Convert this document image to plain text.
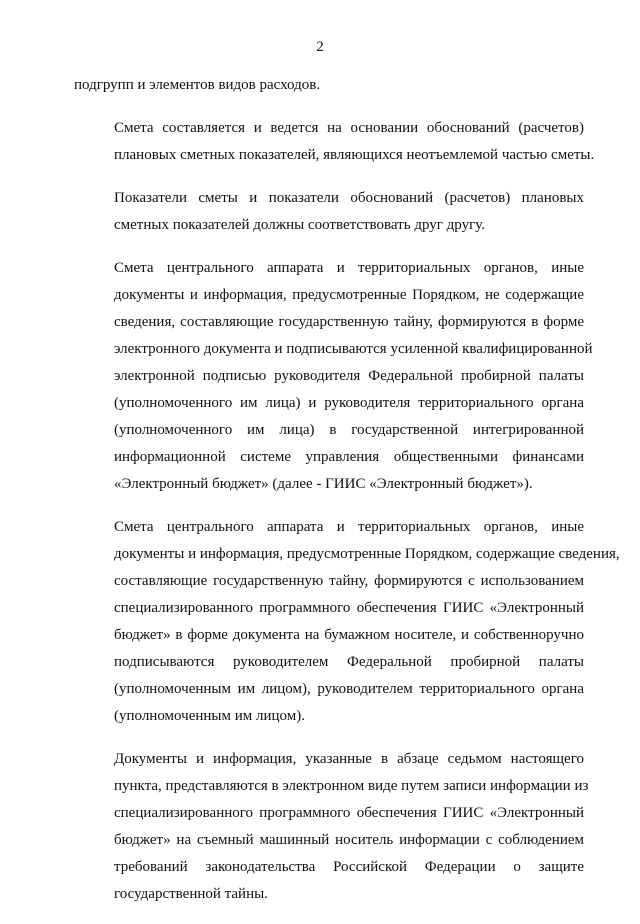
2

подгрупп и элементов видов расходов.

Смета составляется и ведется на основании обоснований (расчетов)
плановых сметных показателей, являющихся неотъемлемой частью сметы.

Показатели сметы и показатели обоснований (расчетов) плановых
сметных показателей должны соответствовать друг другу.

Смета центрального аппарата и территориальных органов, иные
документы и информация, предусмотренные Порядком, не содержащие
сведения, составляющие государственную тайну, формируются в форме
электронного документа и подписываются усиленной квалифицированной
электронной подписью руководителя Федеральной пробирной палаты
(уполномоченного им лица) и руководителя территориального органа
(уполномоченного им лица) в государственной интегрированной
информационной системе управления общественными финансами
«Электронный бюджет» (далее - ГИИС «Электронный бюджет»).

Смета центрального аппарата и территориальных органов, иные
документы и информация, предусмотренные Порядком, содержащие сведения,
составляющие государственную тайну, формируются с использованием
специализированного программного обеспечения ГИИС «Электронный
бюджет» в форме документа на бумажном носителе, и собственноручно
подписываются руководителем Федеральной пробирной палаты
(уполномоченным им лицом), руководителем территориального органа
(уполномоченным им лицом).

Документы и информация, указанные в абзаце седьмом настоящего
пункта, представляются в электронном виде путем записи информации из
специализированного программного обеспечения ГИИС «Электронный
бюджет» на съемный машинный носитель информации с соблюдением
требований законодательства Российской Федерации о защите
государственной тайны.
